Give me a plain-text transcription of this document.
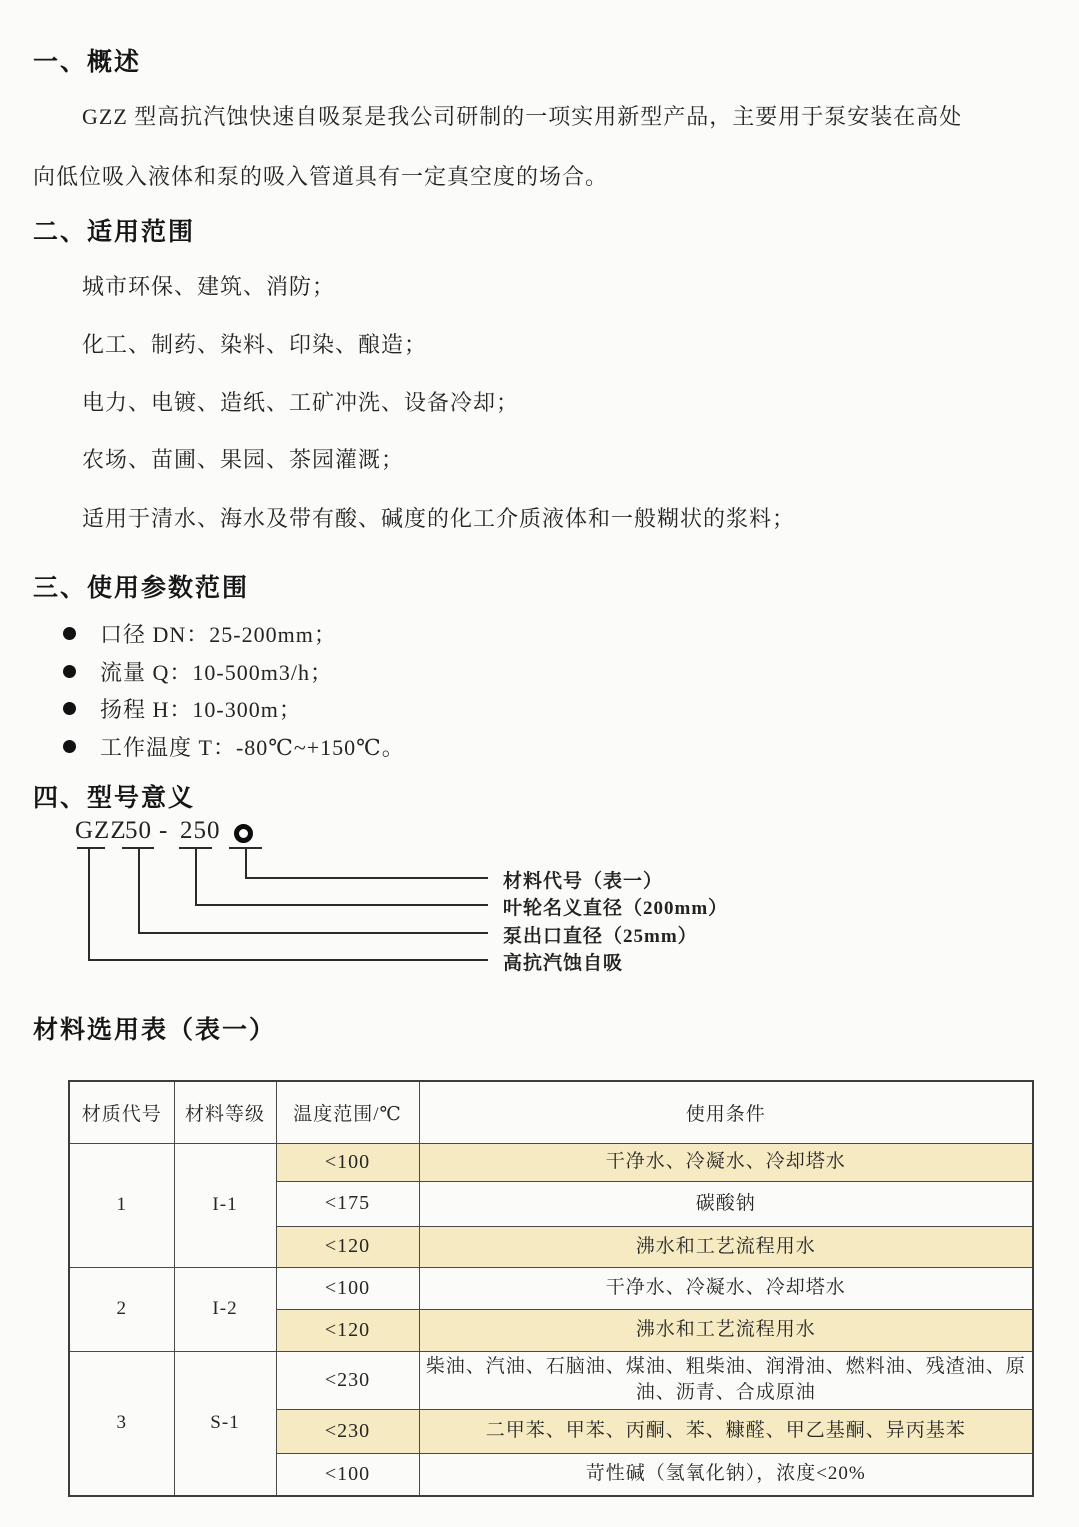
一、概述
GZZ 型高抗汽蚀快速自吸泵是我公司研制的一项实用新型产品，主要用于泵安装在高处
向低位吸入液体和泵的吸入管道具有一定真空度的场合。
二、适用范围
城市环保、建筑、消防；
化工、制药、染料、印染、酿造；
电力、电镀、造纸、工矿冲洗、设备冷却；
农场、苗圃、果园、茶园灌溉；
适用于清水、海水及带有酸、碱度的化工介质液体和一般糊状的浆料；
三、使用参数范围
口径 DN：25-200mm；
流量 Q：10-500m3/h；
扬程 H：10-300m；
工作温度 T：-80℃~+150℃。
四、型号意义
GZZ
50 - 250
材料代号（表一）
叶轮名义直径（200mm）
泵出口直径（25mm）
高抗汽蚀自吸
材料选用表（表一）
材质代号	材料等级	温度范围/℃	使用条件
1	I-1	<100	干净水、冷凝水、冷却塔水
		<175	碳酸钠
		<120	沸水和工艺流程用水
2	I-2	<100	干净水、冷凝水、冷却塔水
		<120	沸水和工艺流程用水
3	S-1	<230	柴油、汽油、石脑油、煤油、粗柴油、润滑油、燃料油、残渣油、原油、沥青、合成原油
		<230	二甲苯、甲苯、丙酮、苯、糠醛、甲乙基酮、异丙基苯
		<100	苛性碱（氢氧化钠），浓度<20%
